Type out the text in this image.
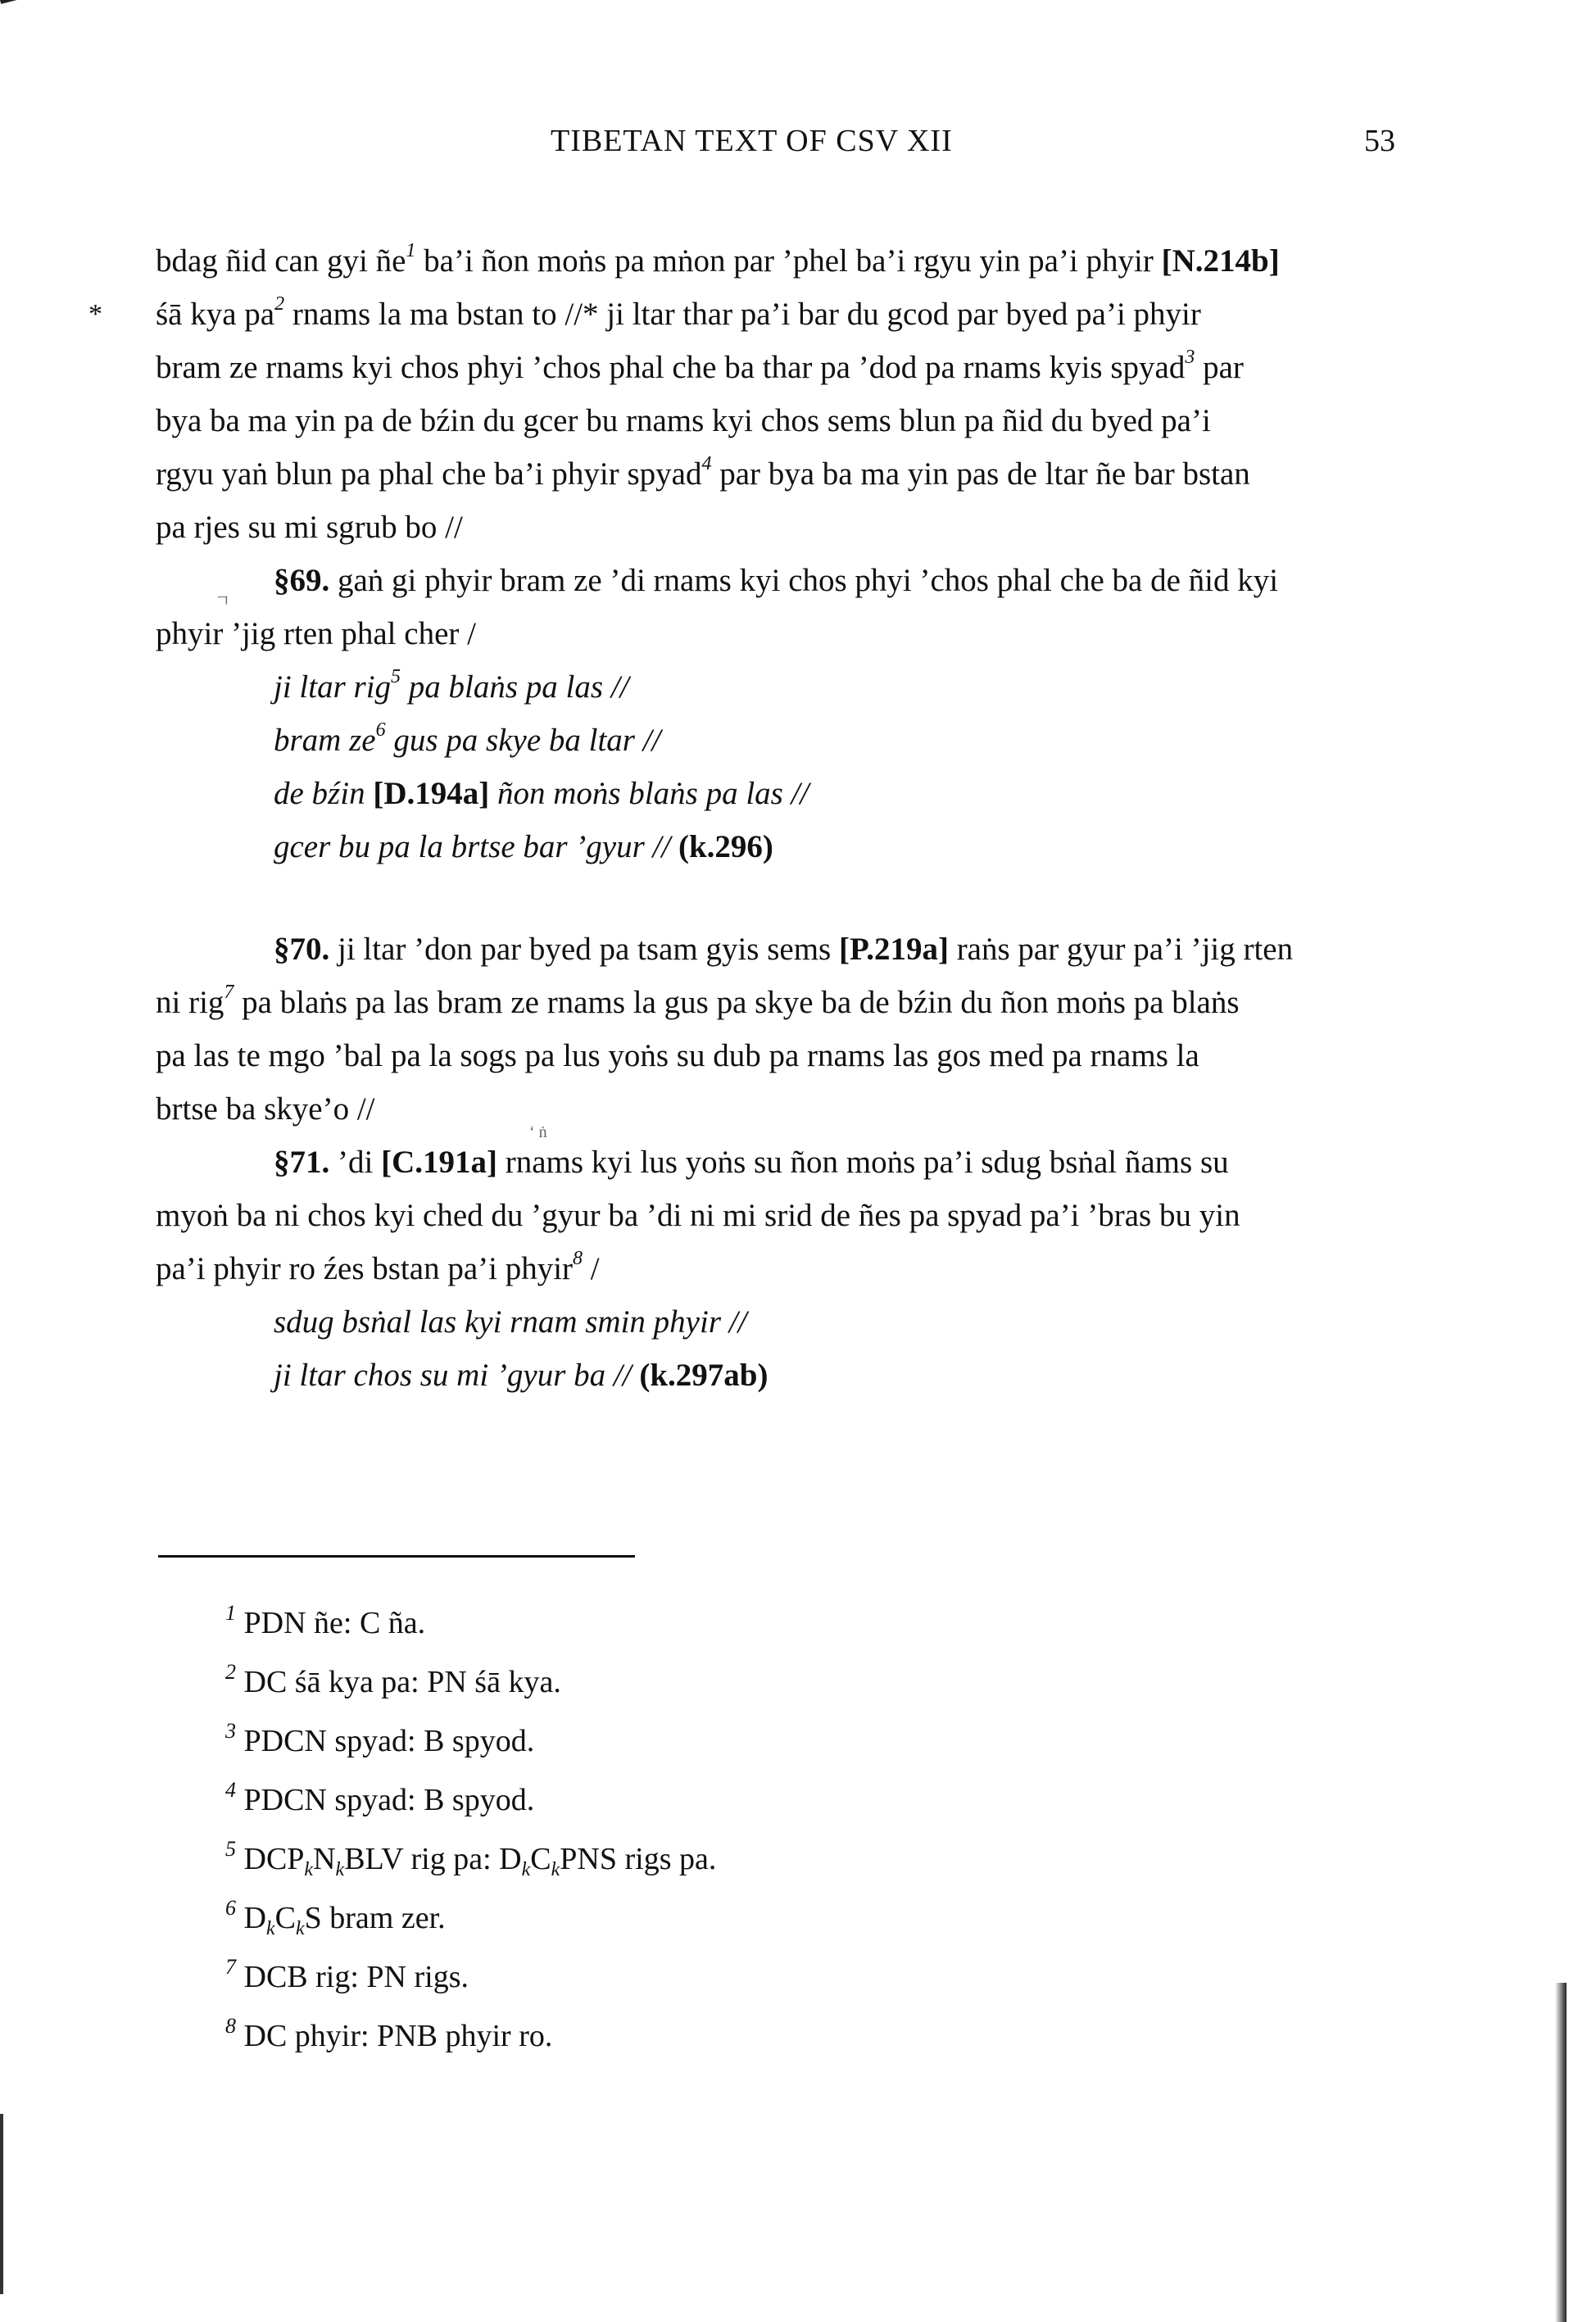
TIBETAN TEXT OF CSV XII	53
*
ㄱ
ʻ ṅ
bdag ñid can gyi $ñe^1$ ba’i ñon moṅs pa mṅon par ’phel ba’i rgyu yin pa’i phyir [N.214b]
śā kya $pa^2$ rnams la ma bstan to //* ji ltar thar pa’i bar du gcod par byed pa’i phyir
bram ze rnams kyi chos phyi ’chos phal che ba thar pa ’dod pa rnams kyis spyad$^3$ par
bya ba ma yin pa de bźin du gcer bu rnams kyi chos sems blun pa ñid du byed pa’i
rgyu yaṅ blun pa phal che ba’i phyir spyad$^4$ par bya ba ma yin pas de ltar ñe bar bstan
pa rjes su mi sgrub bo //
§69. gaṅ gi phyir bram ze ’di rnams kyi chos phyi ’chos phal che ba de ñid kyi
phyir ’jig rten phal cher /
ji ltar rig$^5$ pa blaṅs pa las //
bram $ze^6$ gus pa skye ba ltar //
de bźin [D.194a] ñon moṅs blaṅs pa las //
gcer bu pa la brtse bar ’gyur // (k.296)
§70. ji ltar ’don par byed pa tsam gyis sems [P.219a] raṅs par gyur pa’i ’jig rten
ni rig$^7$ pa blaṅs pa las bram ze rnams la gus pa skye ba de bźin du ñon moṅs pa blaṅs
pa las te mgo ’bal pa la sogs pa lus yoṅs su dub pa rnams las gos med pa rnams la
brtse ba skye’o //
§71. ’di [C.191a] rnams kyi lus yoṅs su ñon moṅs pa’i sdug bsṅal ñams su
myoṅ ba ni chos kyi ched du ’gyur ba ’di ni mi srid de ñes pa spyad pa’i ’bras bu yin
pa’i phyir ro źes bstan pa’i phyir$^8$ /
sdug bsṅal las kyi rnam smin phyir //
ji ltar chos su mi ’gyur ba // (k.297ab)
$^1$ PDN ñe: C ña.
$^2$ DC śā kya pa: PN śā kya.
$^3$ PDCN spyad: B spyod.
$^4$ PDCN spyad: B spyod.
$^5$ $DCP_kN_kBLV$ rig pa: $D_kC_kPNS$ rigs pa.
$^6$ $D_kC_kS$ bram zer.
$^7$ DCB rig: PN rigs.
$^8$ DC phyir: PNB phyir ro.
